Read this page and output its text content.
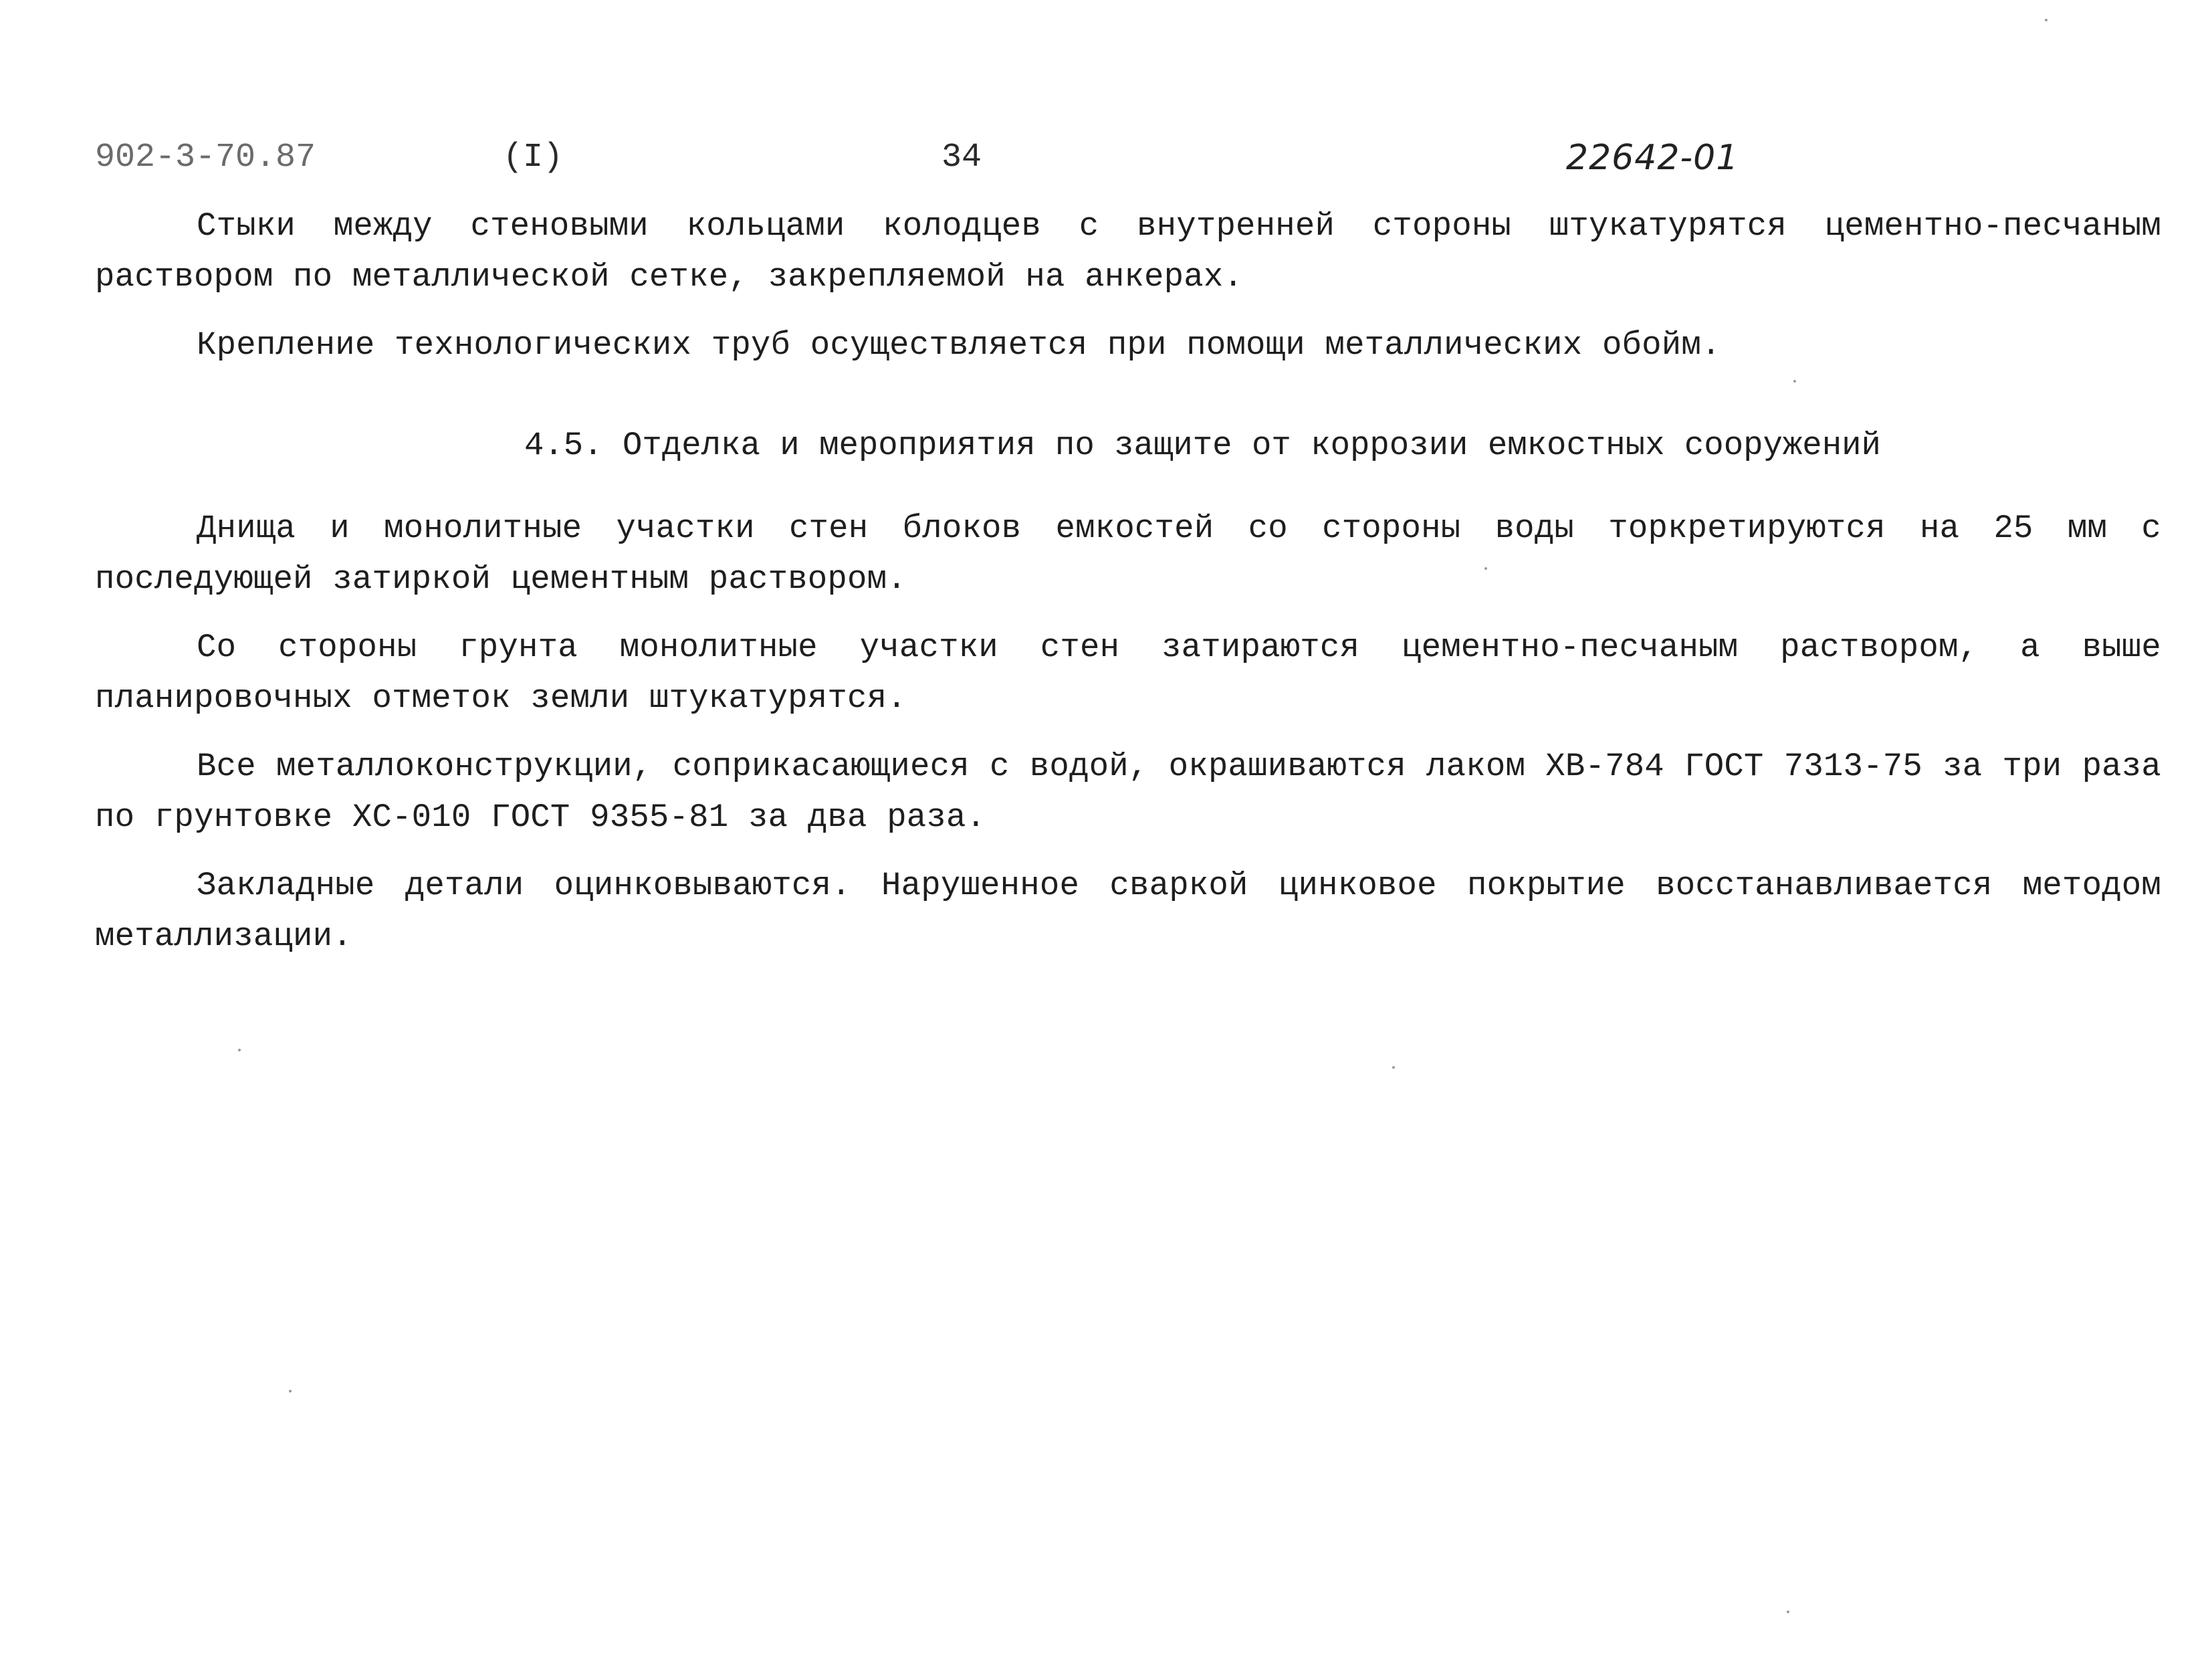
902-3-70.87	(I)	34	22642-01

Стыки между стеновыми кольцами колодцев с внутренней стороны штукатурятся цементно-песчаным раствором по металлической сетке, закрепляемой на анкерах.

Крепление технологических труб осуществляется при помощи металлических обойм.

4.5. Отделка и мероприятия по защите от коррозии емкостных сооружений

Днища и монолитные участки стен блоков емкостей со стороны воды торкретируются на 25 мм с последующей затиркой цементным раствором.

Со стороны грунта монолитные участки стен затираются цементно-песчаным раствором, а выше планировочных отметок земли штукатурятся.

Все металлоконструкции, соприкасающиеся с водой, окрашиваются лаком ХВ-784 ГОСТ 7313-75 за три раза по грунтовке ХС-010 ГОСТ 9355-81 за два раза.

Закладные детали оцинковываются. Нарушенное сваркой цинковое покрытие восстанавливается методом металлизации.
